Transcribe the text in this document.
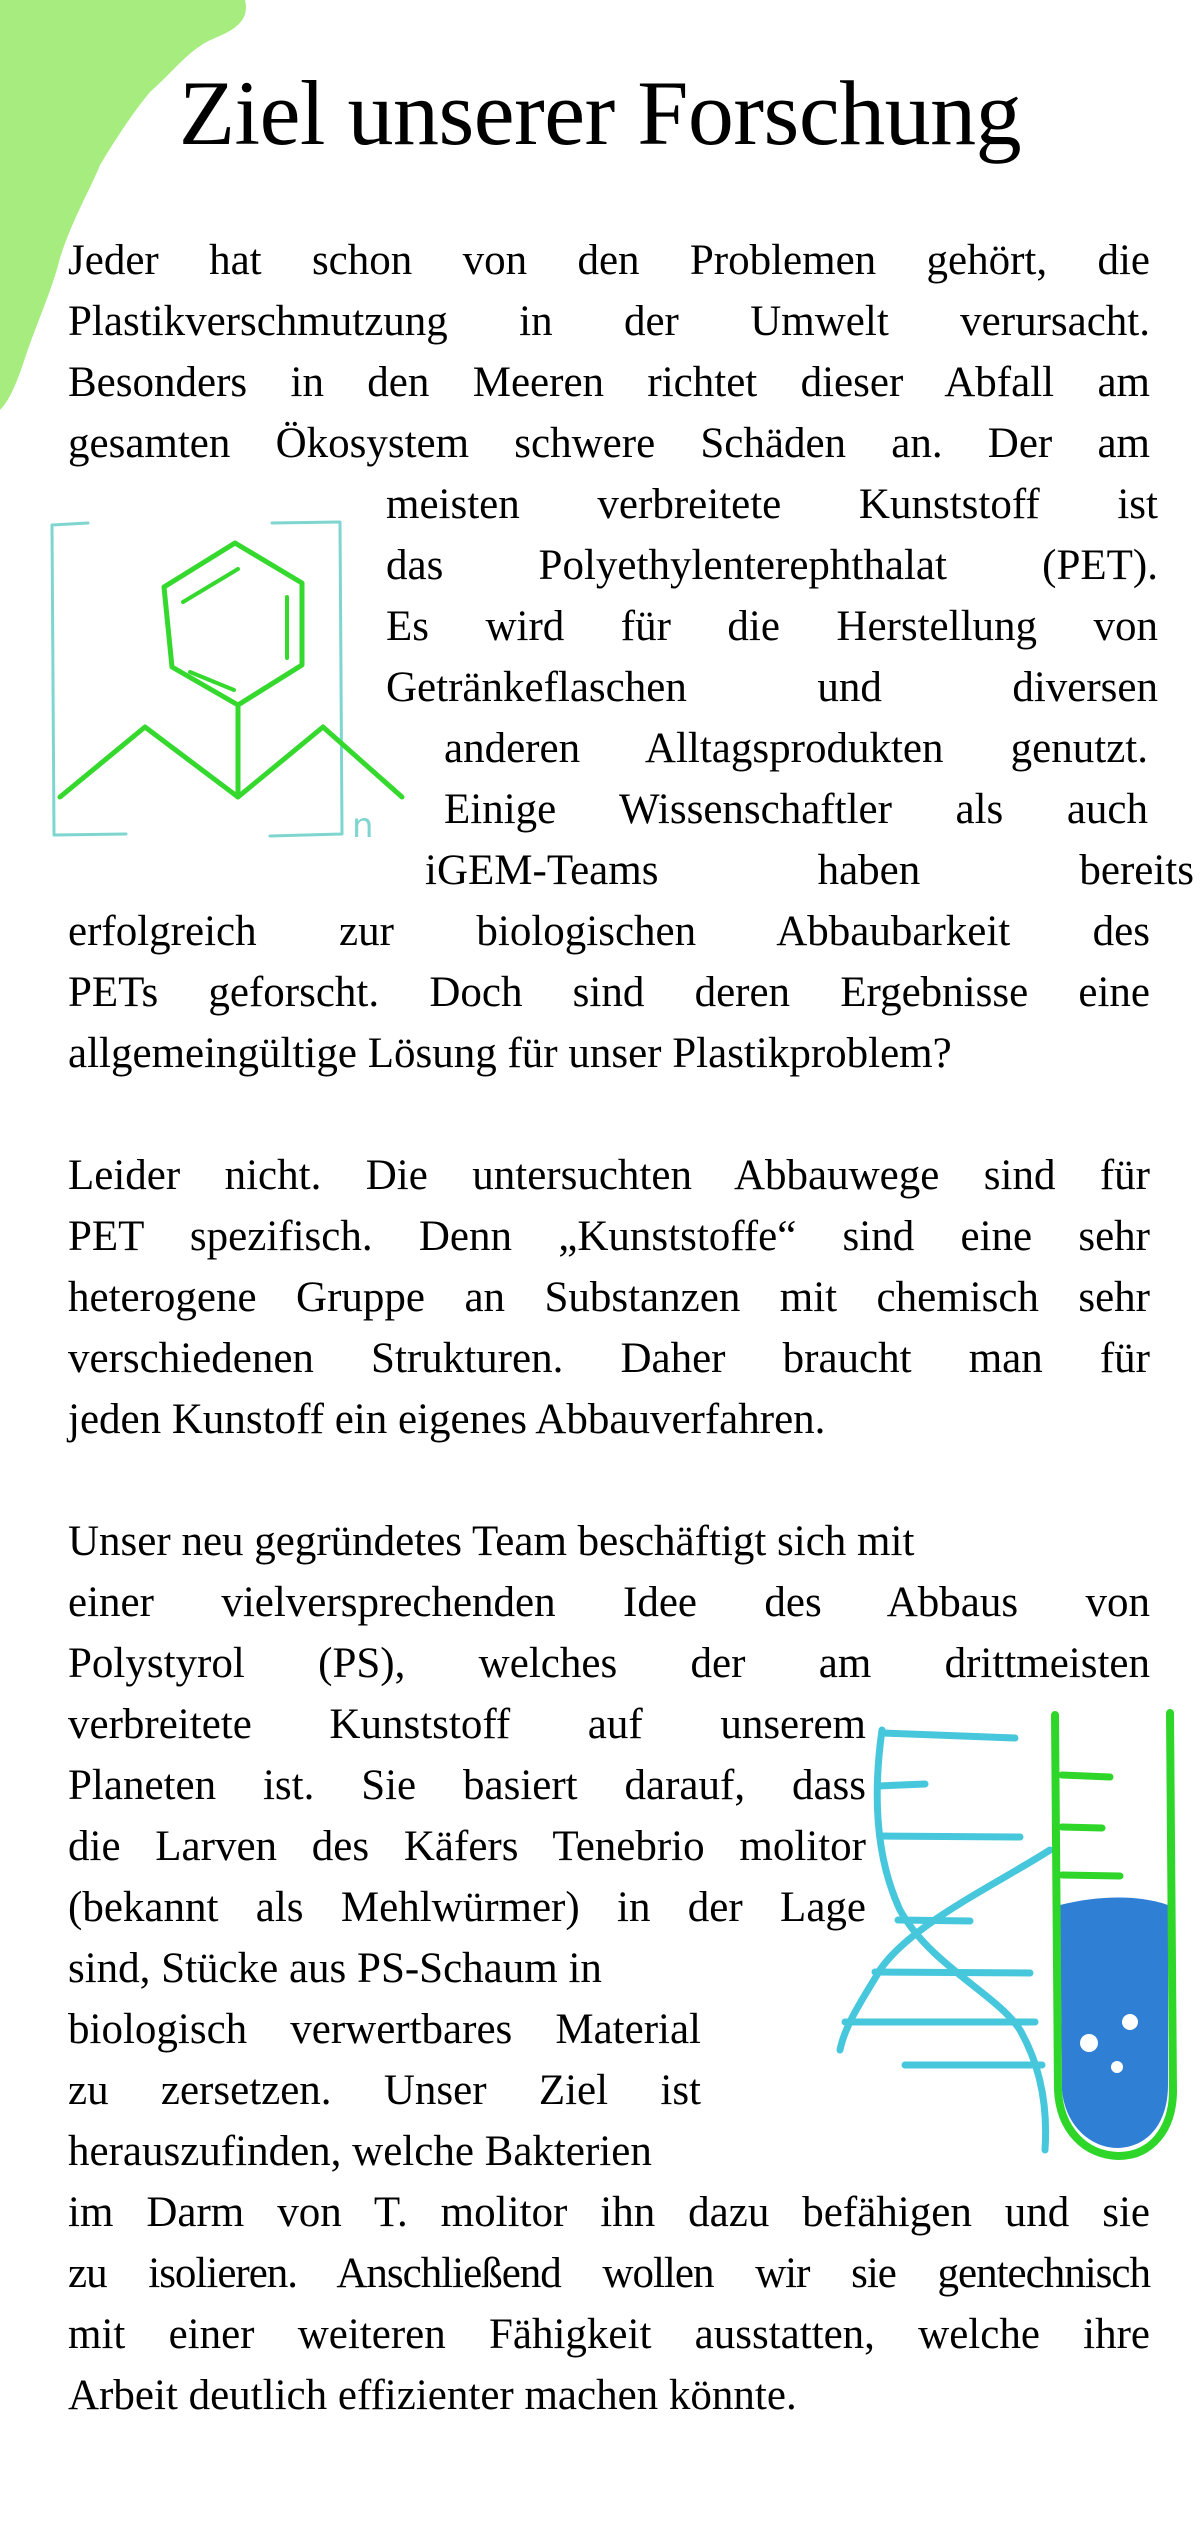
Ziel unserer Forschung
n
Jeder hat schon von den Problemen gehört, die
Plastikverschmutzung in der Umwelt verursacht.
Besonders in den Meeren richtet dieser Abfall am
gesamten Ökosystem schwere Schäden an. Der am
meisten verbreitete Kunststoff ist
das Polyethylenterephthalat (PET).
Es wird für die Herstellung von
Getränkeflaschen und diversen
anderen Alltagsprodukten genutzt.
Einige Wissenschaftler als auch
iGEM-Teams haben bereits
erfolgreich zur biologischen Abbaubarkeit des
PETs geforscht. Doch sind deren Ergebnisse eine
allgemeingültige Lösung für unser Plastikproblem?
Leider nicht. Die untersuchten Abbauwege sind für
PET spezifisch. Denn „Kunststoffe“ sind eine sehr
heterogene Gruppe an Substanzen mit chemisch sehr
verschiedenen Strukturen. Daher braucht man für
jeden Kunstoff ein eigenes Abbauverfahren.
Unser neu gegründetes Team beschäftigt sich mit
einer vielversprechenden Idee des Abbaus von
Polystyrol (PS), welches der am drittmeisten
verbreitete Kunststoff auf unserem
Planeten ist. Sie basiert darauf, dass
die Larven des Käfers Tenebrio molitor
(bekannt als Mehlwürmer) in der Lage
sind, Stücke aus PS-Schaum in
biologisch verwertbares Material
zu zersetzen. Unser Ziel ist
herauszufinden, welche Bakterien
im Darm von T. molitor ihn dazu befähigen und sie
zu isolieren. Anschließend wollen wir sie gentechnisch
mit einer weiteren Fähigkeit ausstatten, welche ihre
Arbeit deutlich effizienter machen könnte.
